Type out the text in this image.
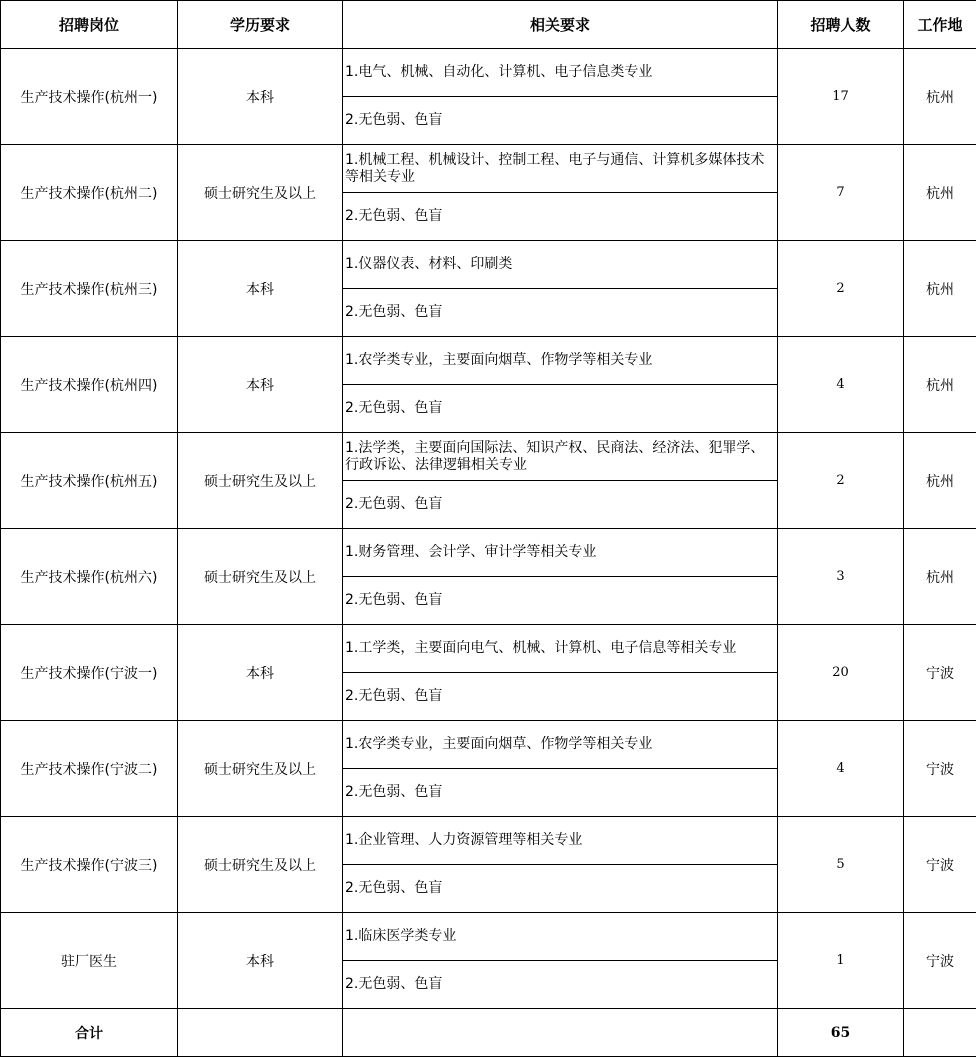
招聘岗位	学历要求	相关要求	招聘人数	工作地
生产技术操作(杭州一)	本科	1.电气、机械、自动化、计算机、电子信息类专业	17	杭州
		2.无色弱、色盲		
生产技术操作(杭州二)	硕士研究生及以上	1.机械工程、机械设计、控制工程、电子与通信、计算机多媒体技术等相关专业	7	杭州
		2.无色弱、色盲		
生产技术操作(杭州三)	本科	1.仪器仪表、材料、印刷类	2	杭州
		2.无色弱、色盲		
生产技术操作(杭州四)	本科	1.农学类专业，主要面向烟草、作物学等相关专业	4	杭州
		2.无色弱、色盲		
生产技术操作(杭州五)	硕士研究生及以上	1.法学类，主要面向国际法、知识产权、民商法、经济法、犯罪学、行政诉讼、法律逻辑相关专业	2	杭州
		2.无色弱、色盲		
生产技术操作(杭州六)	硕士研究生及以上	1.财务管理、会计学、审计学等相关专业	3	杭州
		2.无色弱、色盲		
生产技术操作(宁波一)	本科	1.工学类，主要面向电气、机械、计算机、电子信息等相关专业	20	宁波
		2.无色弱、色盲		
生产技术操作(宁波二)	硕士研究生及以上	1.农学类专业，主要面向烟草、作物学等相关专业	4	宁波
		2.无色弱、色盲		
生产技术操作(宁波三)	硕士研究生及以上	1.企业管理、人力资源管理等相关专业	5	宁波
		2.无色弱、色盲		
驻厂医生	本科	1.临床医学类专业	1	宁波
		2.无色弱、色盲		
合计			65	
